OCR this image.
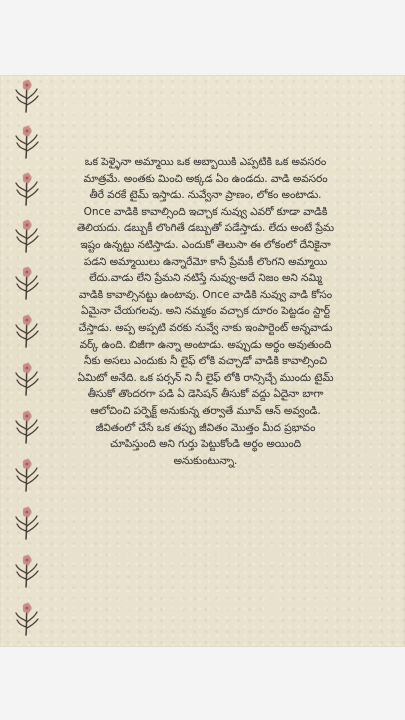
ఒక పెళ్ళైనా అమ్మాయి ఒక అబ్బాయికి ఎప్పటికి ఒక అవసరం
మాత్రమే. అంతకు మించి అక్కడ ఏం ఉండదు. వాడి అవసరం
తీరే వరకే టైమ్ ఇస్తాడు. నువ్వేనా ప్రాణం, లోకం అంటాడు.
Once వాడికి కావాల్సింది ఇచ్చాక నువ్వు ఎవరో కూడా వాడికి
తెలియదు. డబ్బుకీ లొంగితే డబ్బుతో పడేస్తాడు. లేదు అంటే ప్రేమ
ఇష్టం ఉన్నట్టు నటిస్తాడు. ఎందుకో తెలుసా ఈ లోకంలో దేనికైనా
పడని అమ్మాయిలు ఉన్నారేమో కానీ ప్రేమకీ లొంగని అమ్మాయి
లేదు.వాడు లేని ప్రేమని నటిస్తే నువ్వు-అదే నిజం అని నమ్మి
వాడికి కావాల్సినట్టు ఉంటావు. Once వాడికి నువ్వు వాడి కోసం
ఏమైనా చేయగలవు. అని నమ్మకం వచ్చాక దూరం పెట్టడం స్టార్ట్
చేస్తాడు. అప్ప అప్పటి వరకు నువ్వే నాకు ఇంపార్టెంట్ అన్నవాడు
వర్క్ ఉంది. బిజీగా ఉన్నా అంటాడు. అప్పుడు అర్థం అవుతుంది
నీకు అసలు ఎందుకు నీ లైఫ్ లోకి వచ్చాడో వాడికి కావాల్సించి
ఏమిటో అనేది. ఒక పర్సన్ ని నీ లైఫ్ లోకి రాన్సిచ్చే ముందు టైమ్
తీసుకో తొందరగా పడి ఏ డెసిషన్ తీసుకో వద్దు ఏదైనా బాగా
ఆలోచించి పర్ఫెక్ట్ అనుకున్న తర్వాతే మూవ్ ఆన్ అవ్వండి.
జీవితంలో చేసే ఒక తప్పు జీవితం మొత్తం మీద ప్రభావం
చూపిస్తుంది అని గుర్తు పెట్టుకోండి అర్థం అయింది
అనుకుంటున్నా.
